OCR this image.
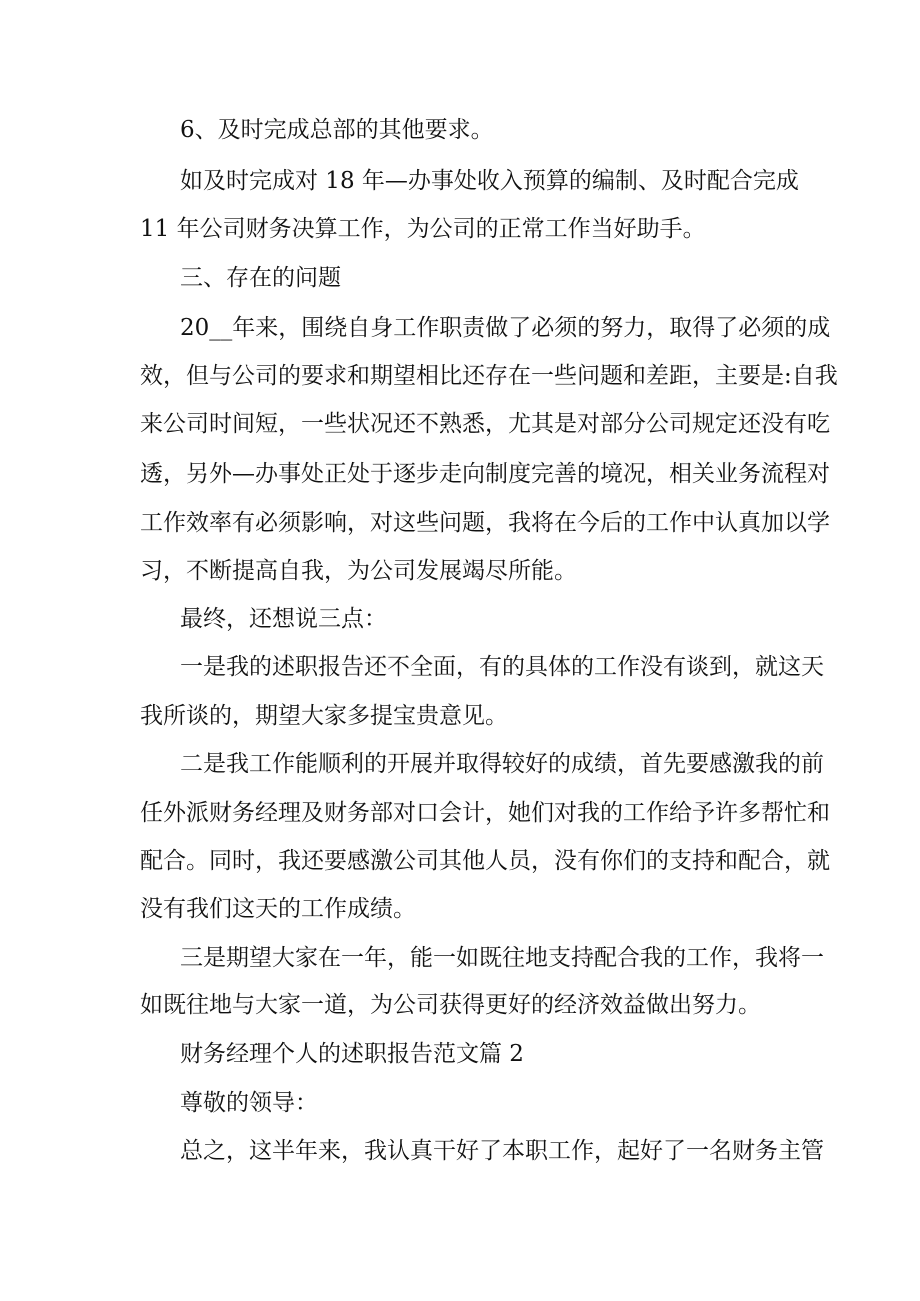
6、及时完成总部的其他要求。
如及时完成对 18 年—办事处收入预算的编制、及时配合完成
11 年公司财务决算工作，为公司的正常工作当好助手。
三、存在的问题
20__年来，围绕自身工作职责做了必须的努力，取得了必须的成
效，但与公司的要求和期望相比还存在一些问题和差距，主要是:自我
来公司时间短，一些状况还不熟悉，尤其是对部分公司规定还没有吃
透，另外—办事处正处于逐步走向制度完善的境况，相关业务流程对
工作效率有必须影响，对这些问题，我将在今后的工作中认真加以学
习，不断提高自我，为公司发展竭尽所能。
最终，还想说三点：
一是我的述职报告还不全面，有的具体的工作没有谈到，就这天
我所谈的，期望大家多提宝贵意见。
二是我工作能顺利的开展并取得较好的成绩，首先要感激我的前
任外派财务经理及财务部对口会计，她们对我的工作给予许多帮忙和
配合。同时，我还要感激公司其他人员，没有你们的支持和配合，就
没有我们这天的工作成绩。
三是期望大家在一年，能一如既往地支持配合我的工作，我将一
如既往地与大家一道，为公司获得更好的经济效益做出努力。
财务经理个人的述职报告范文篇 2
尊敬的领导：
总之，这半年来，我认真干好了本职工作，起好了一名财务主管
